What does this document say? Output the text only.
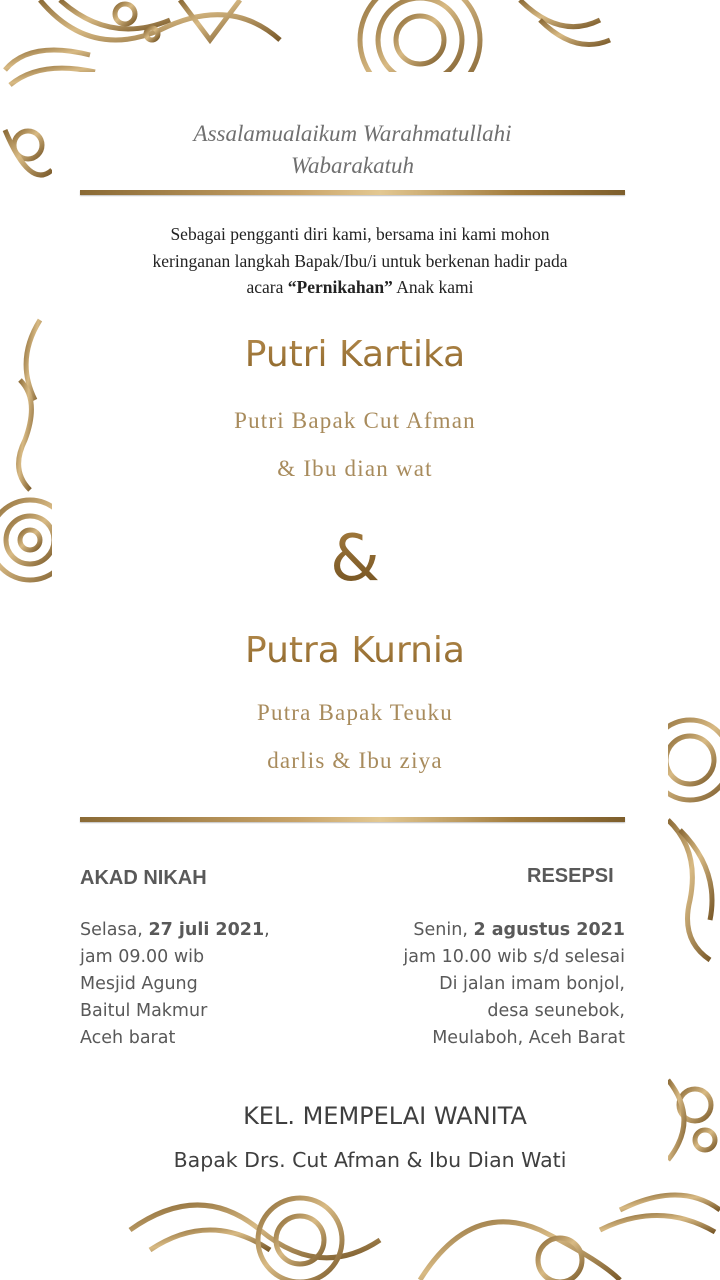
Assalamualaikum Warahmatullahi
Wabarakatuh
Sebagai pengganti diri kami, bersama ini kami mohon
keringanan langkah Bapak/Ibu/i untuk berkenan hadir pada
acara “Pernikahan” Anak kami
Putri Kartika
Putri Bapak Cut Afman
& Ibu dian wat
&
Putra Kurnia
Putra Bapak Teuku
darlis & Ibu ziya
AKAD NIKAH
Selasa, 27 juli 2021,
jam 09.00 wib
Mesjid Agung
Baitul Makmur
Aceh barat
RESEPSI
Senin, 2 agustus 2021
jam 10.00 wib s/d selesai
Di jalan imam bonjol,
desa seunebok,
Meulaboh, Aceh Barat
KEL. MEMPELAI WANITA
Bapak Drs. Cut Afman & Ibu Dian Wati
